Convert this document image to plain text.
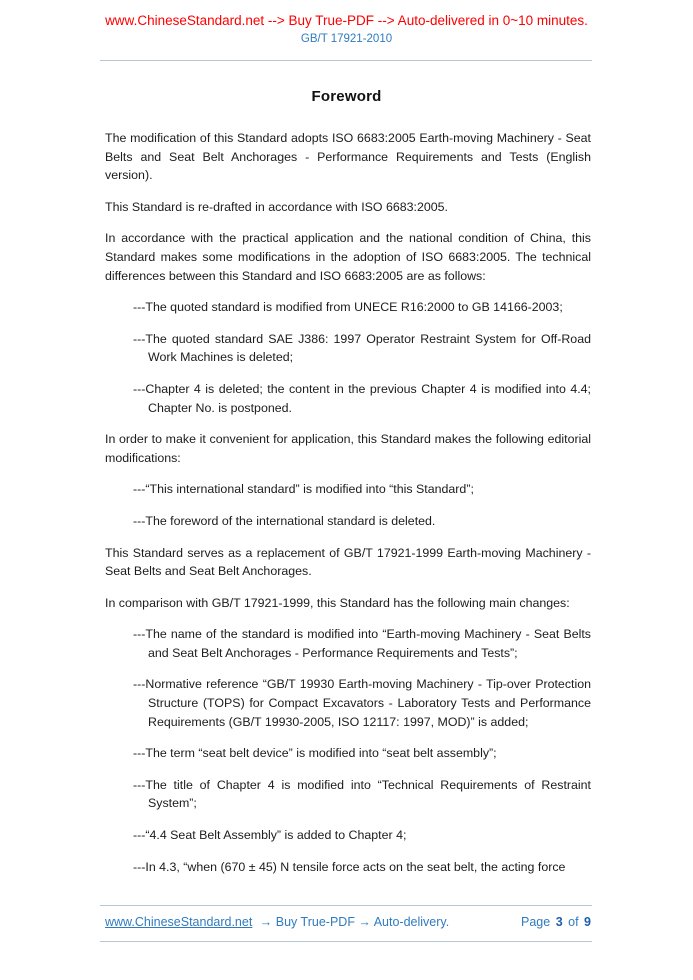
www.ChineseStandard.net --> Buy True-PDF --> Auto-delivered in 0~10 minutes.
GB/T 17921-2010
Foreword
The modification of this Standard adopts ISO 6683:2005 Earth-moving Machinery - Seat Belts and Seat Belt Anchorages - Performance Requirements and Tests (English version).
This Standard is re-drafted in accordance with ISO 6683:2005.
In accordance with the practical application and the national condition of China, this Standard makes some modifications in the adoption of ISO 6683:2005. The technical differences between this Standard and ISO 6683:2005 are as follows:
---The quoted standard is modified from UNECE R16:2000 to GB 14166-2003;
---The quoted standard SAE J386: 1997 Operator Restraint System for Off-Road Work Machines is deleted;
---Chapter 4 is deleted; the content in the previous Chapter 4 is modified into 4.4; Chapter No. is postponed.
In order to make it convenient for application, this Standard makes the following editorial modifications:
---“This international standard” is modified into “this Standard”;
---The foreword of the international standard is deleted.
This Standard serves as a replacement of GB/T 17921-1999 Earth-moving Machinery - Seat Belts and Seat Belt Anchorages.
In comparison with GB/T 17921-1999, this Standard has the following main changes:
---The name of the standard is modified into “Earth-moving Machinery - Seat Belts and Seat Belt Anchorages - Performance Requirements and Tests”;
---Normative reference “GB/T 19930 Earth-moving Machinery - Tip-over Protection Structure (TOPS) for Compact Excavators - Laboratory Tests and Performance Requirements (GB/T 19930-2005, ISO 12117: 1997, MOD)” is added;
---The term “seat belt device” is modified into “seat belt assembly”;
---The title of Chapter 4 is modified into “Technical Requirements of Restraint System”;
---“4.4 Seat Belt Assembly” is added to Chapter 4;
---In 4.3, “when (670 ± 45) N tensile force acts on the seat belt, the acting force
www.ChineseStandard.net → Buy True-PDF → Auto-delivery.	Page 3 of 9
